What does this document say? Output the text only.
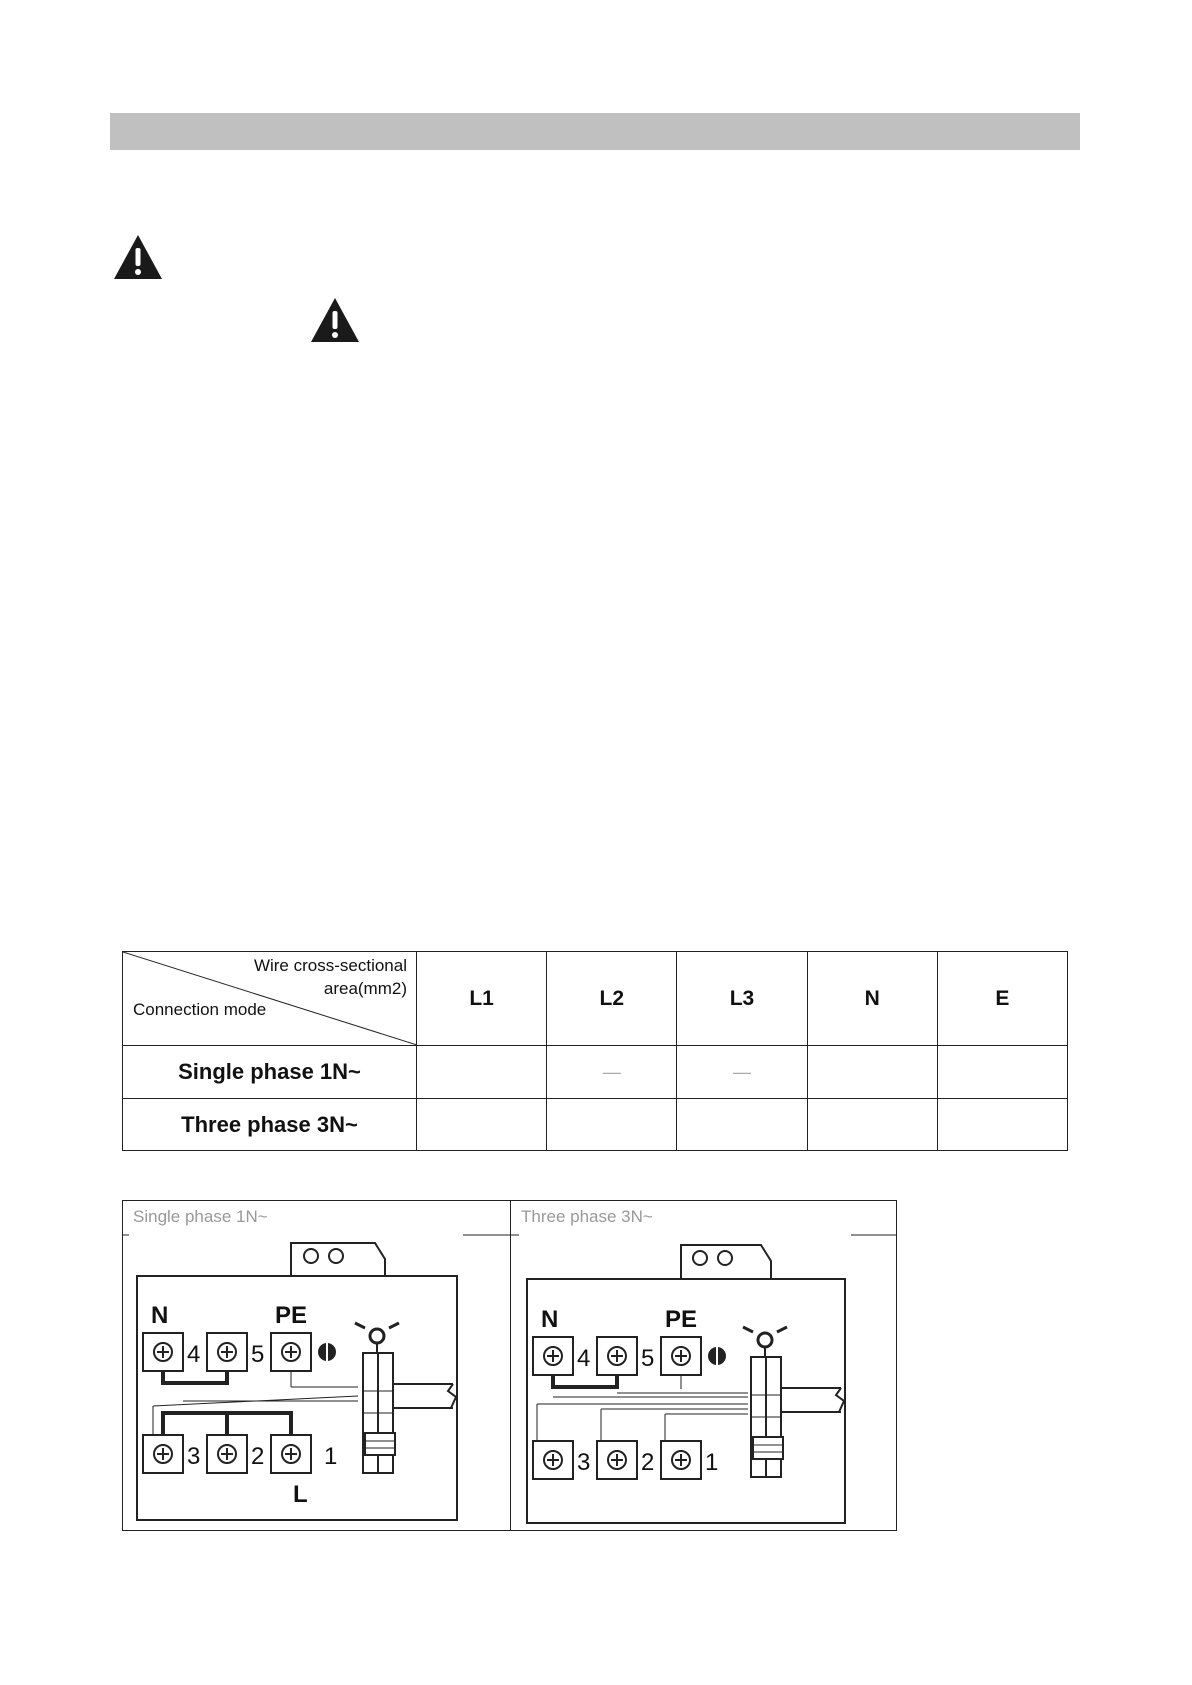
Wire cross-sectional
area(mm2)
Connection mode	L1	L2	L3	N	E
Single phase 1N~		—	—		
Three phase 3N~					
N	PE
4 5
3 2 1
L
Single phase 1N~
N	PE
4 5
3 2 1
Three phase 3N~
